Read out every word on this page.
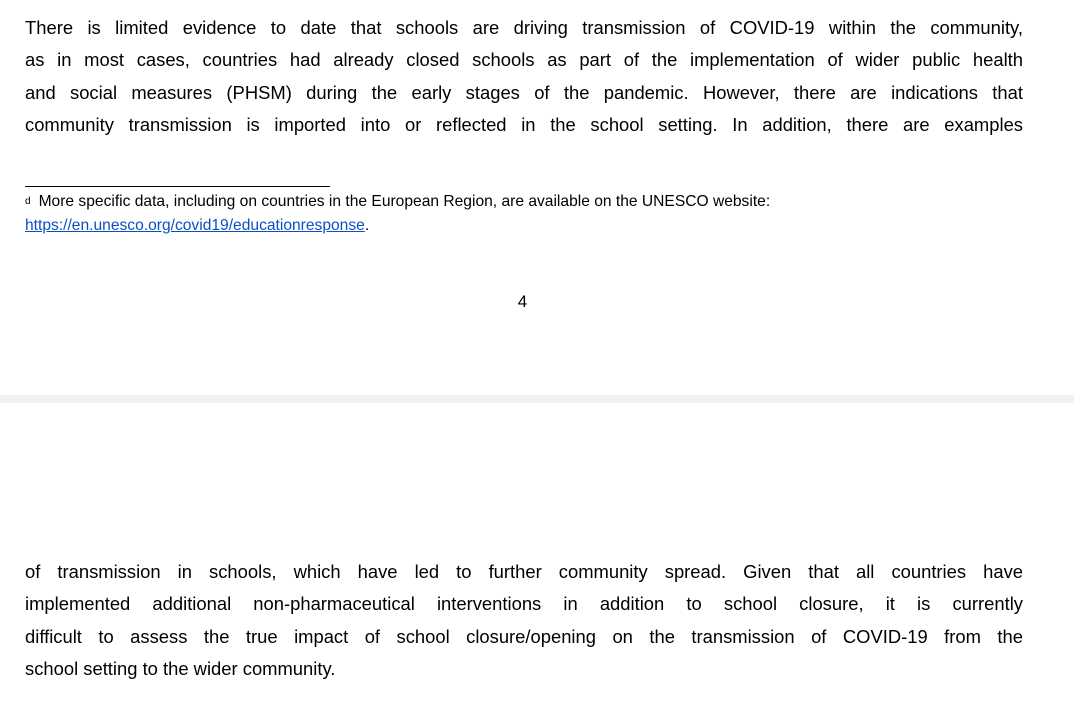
There is limited evidence to date that schools are driving transmission of COVID-19 within the community,
as in most cases, countries had already closed schools as part of the implementation of wider public health
and social measures (PHSM) during the early stages of the pandemic. However, there are indications that
community transmission is imported into or reflected in the school setting. In addition, there are examples

$^d$ More specific data, including on countries in the European Region, are available on the UNESCO website:
https://en.unesco.org/covid19/educationresponse.
4

of transmission in schools, which have led to further community spread. Given that all countries have
implemented additional non-pharmaceutical interventions in addition to school closure, it is currently
difficult to assess the true impact of school closure/opening on the transmission of COVID-19 from the
school setting to the wider community.
